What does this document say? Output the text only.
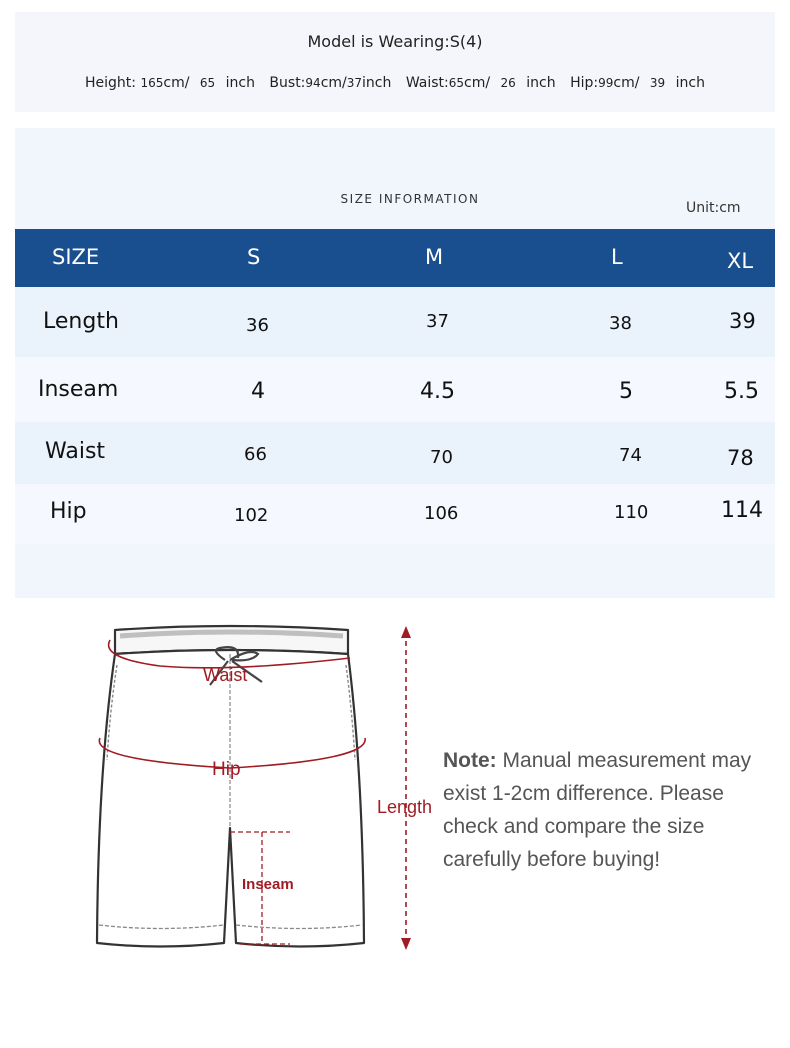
Model is Wearing:S(4)
Height: 165cm/ 65 inch Bust:94cm/37inch Waist:65cm/ 26 inch Hip:99cm/ 39 inch
SIZE INFORMATION
Unit:cm
SIZE	S	M	L	XL
Length	36	37	38	39
Inseam	4	4.5	5	5.5
Waist	66	70	74	78
Hip	102	106	110	114
Waist
Hip
Inseam
Length
Note: Manual measurement may exist 1-2cm difference. Please check and compare the size carefully before buying!
